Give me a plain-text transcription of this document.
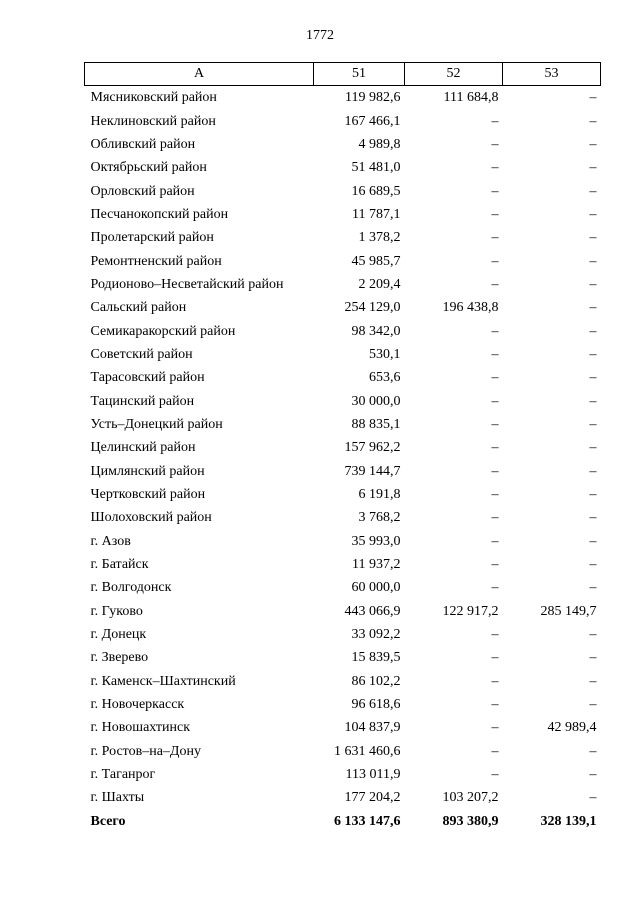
1772
А	51	52	53
Мясниковский район	119 982,6	111 684,8	–
Неклиновский район	167 466,1	–	–
Обливский район	4 989,8	–	–
Октябрьский район	51 481,0	–	–
Орловский район	16 689,5	–	–
Песчанокопский район	11 787,1	–	–
Пролетарский район	1 378,2	–	–
Ремонтненский район	45 985,7	–	–
Родионово–Несветайский район	2 209,4	–	–
Сальский район	254 129,0	196 438,8	–
Семикаракорский район	98 342,0	–	–
Советский район	530,1	–	–
Тарасовский район	653,6	–	–
Тацинский район	30 000,0	–	–
Усть–Донецкий район	88 835,1	–	–
Целинский район	157 962,2	–	–
Цимлянский район	739 144,7	–	–
Чертковский район	6 191,8	–	–
Шолоховский район	3 768,2	–	–
г. Азов	35 993,0	–	–
г. Батайск	11 937,2	–	–
г. Волгодонск	60 000,0	–	–
г. Гуково	443 066,9	122 917,2	285 149,7
г. Донецк	33 092,2	–	–
г. Зверево	15 839,5	–	–
г. Каменск–Шахтинский	86 102,2	–	–
г. Новочеркасск	96 618,6	–	–
г. Новошахтинск	104 837,9	–	42 989,4
г. Ростов–на–Дону	1 631 460,6	–	–
г. Таганрог	113 011,9	–	–
г. Шахты	177 204,2	103 207,2	–
Всего	6 133 147,6	893 380,9	328 139,1
